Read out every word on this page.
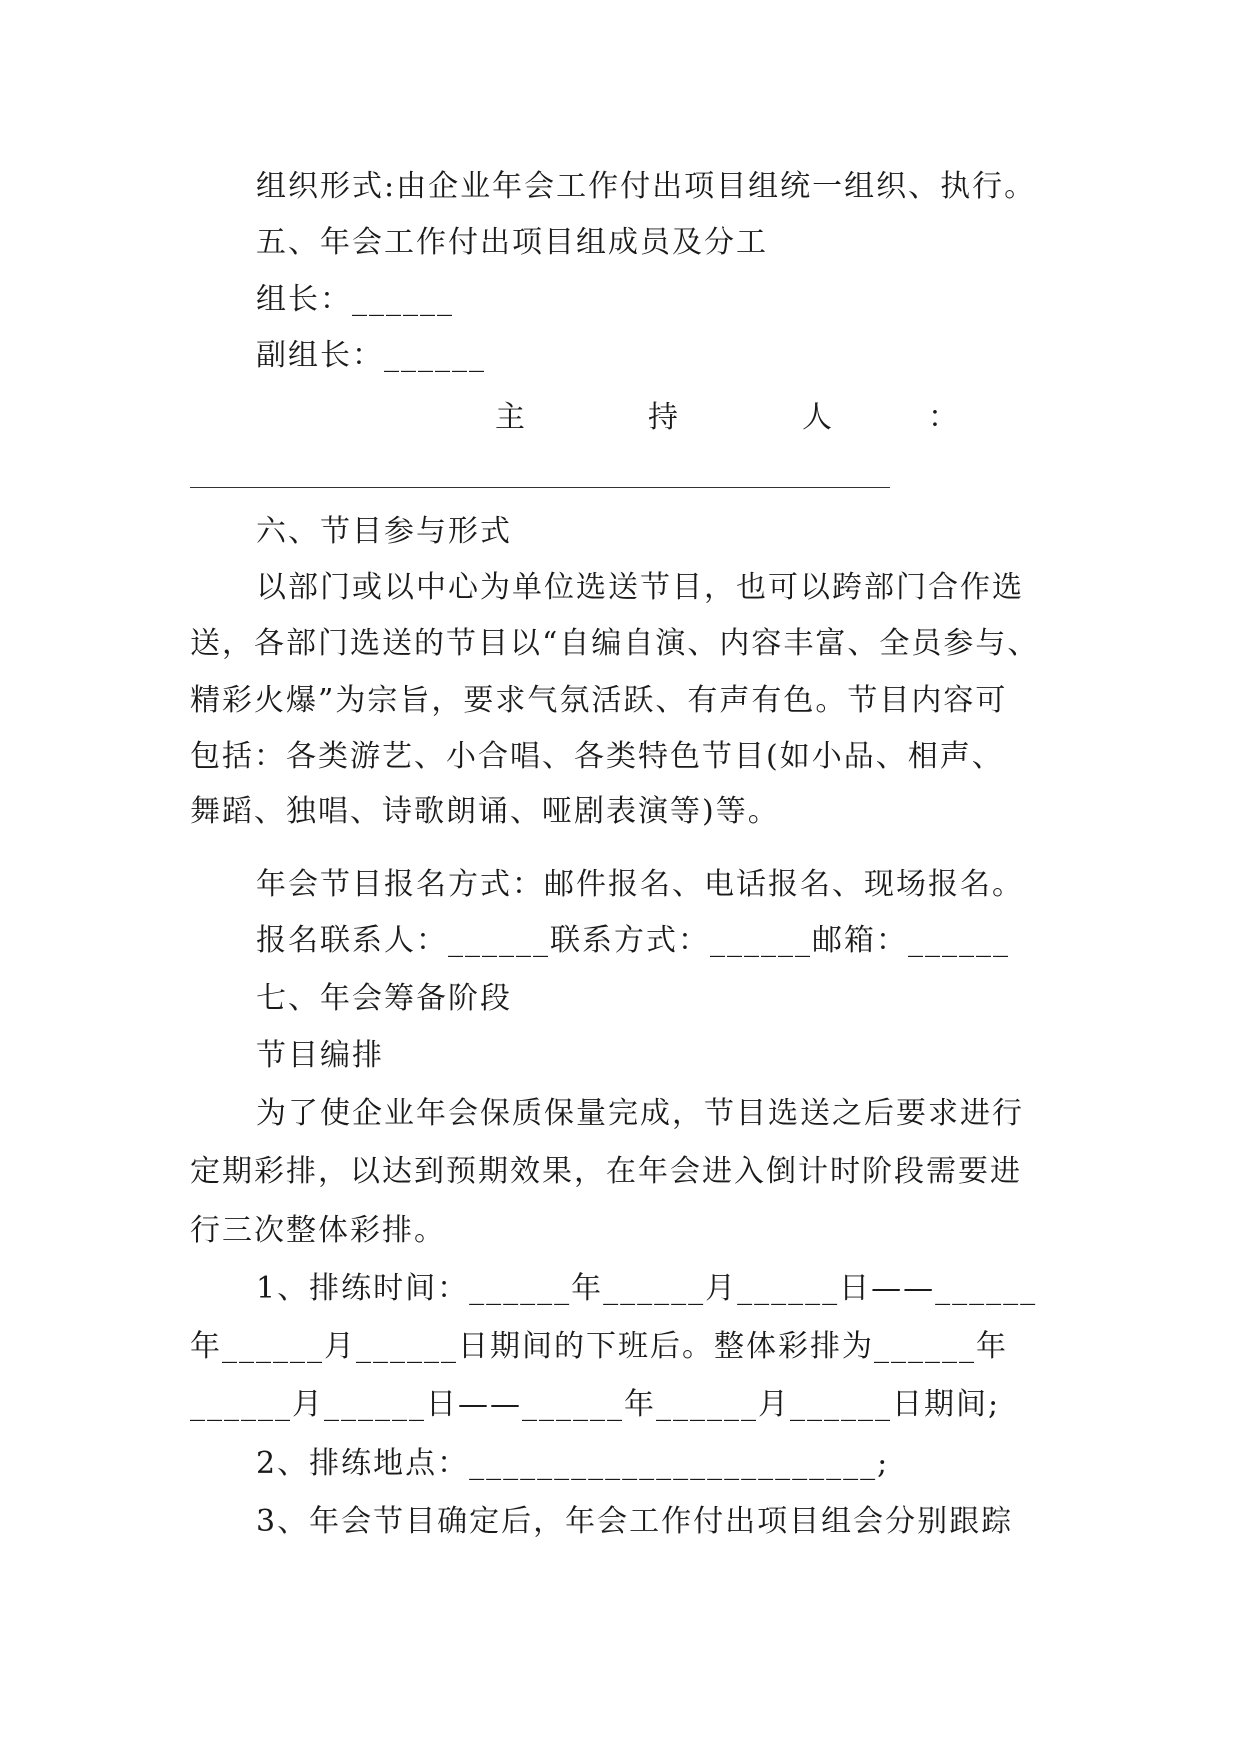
组织形式:由企业年会工作付出项目组统一组织、执行。
五、年会工作付出项目组成员及分工
组长：______
副组长：______
主	持	人	：
六、节目参与形式
以部门或以中心为单位选送节目，也可以跨部门合作选
送，各部门选送的节目以“自编自演、内容丰富、全员参与、
精彩火爆”为宗旨，要求气氛活跃、有声有色。节目内容可
包括：各类游艺、小合唱、各类特色节目(如小品、相声、
舞蹈、独唱、诗歌朗诵、哑剧表演等)等。
年会节目报名方式：邮件报名、电话报名、现场报名。
报名联系人：______联系方式：______邮箱：______
七、年会筹备阶段
节目编排
为了使企业年会保质保量完成，节目选送之后要求进行
定期彩排，以达到预期效果，在年会进入倒计时阶段需要进
行三次整体彩排。
1、排练时间：______年______月______日——______
年______月______日期间的下班后。整体彩排为______年
______月______日——______年______月______日期间;
2、排练地点：________________________;
3、年会节目确定后，年会工作付出项目组会分别跟踪
